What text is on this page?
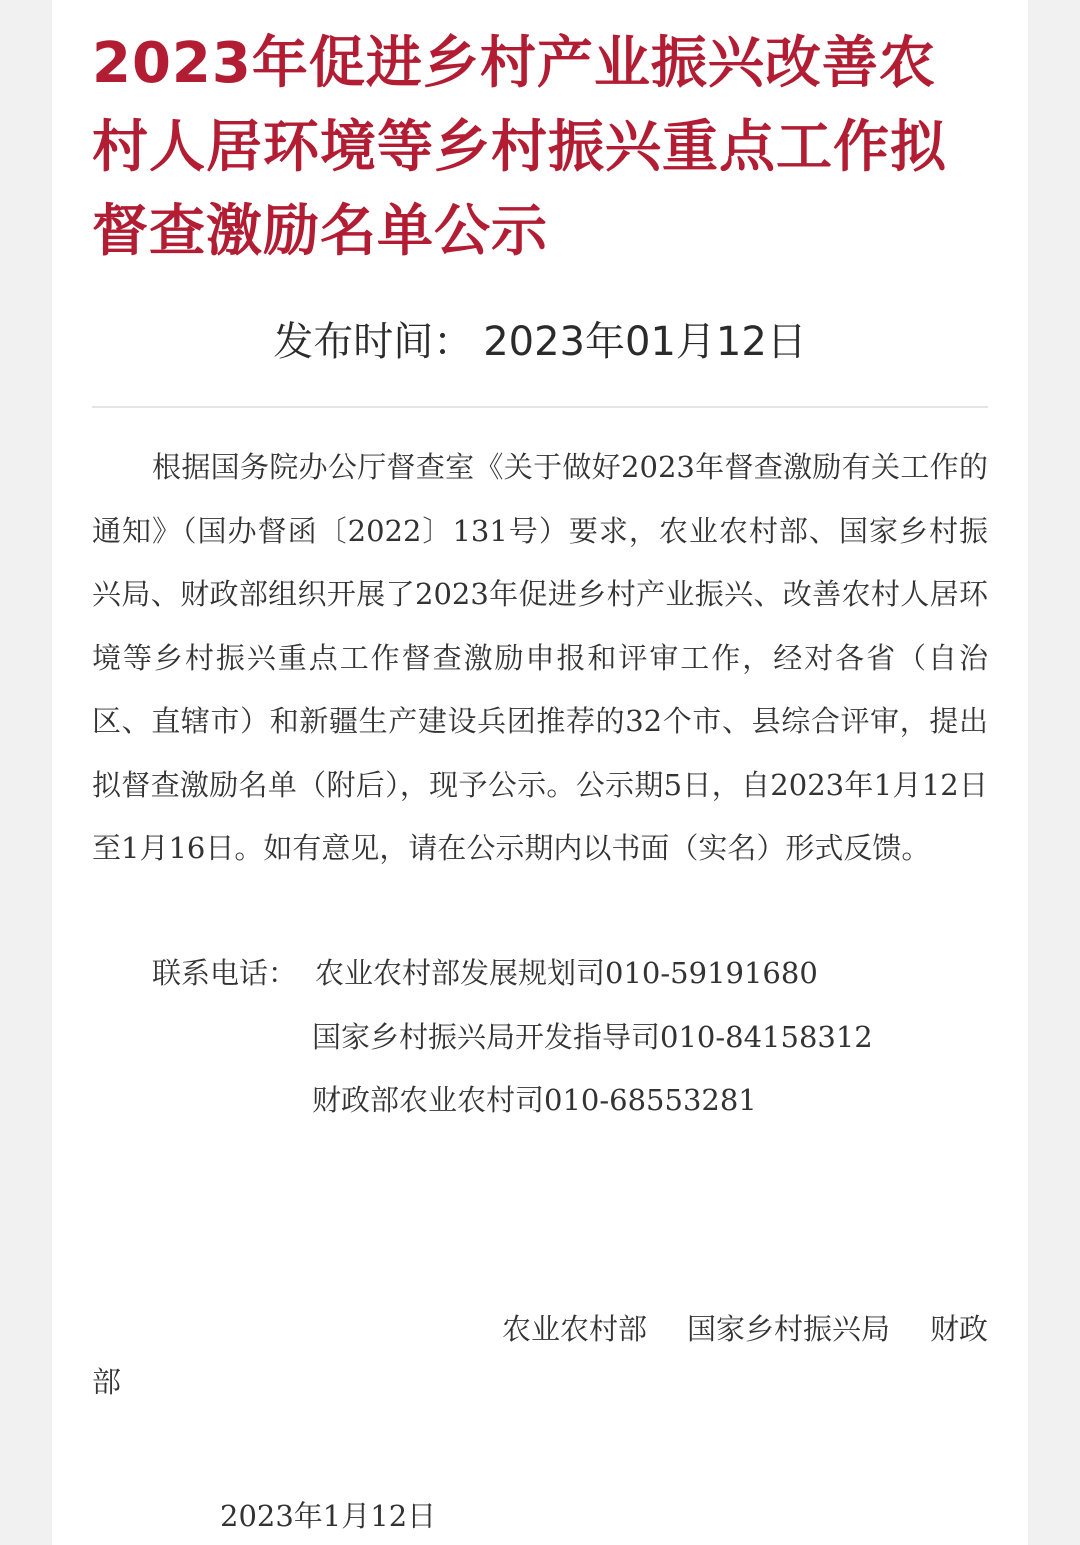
2023年促进乡村产业振兴改善农村人居环境等乡村振兴重点工作拟督查激励名单公示
发布时间： 2023年01月12日

根据国务院办公厅督查室《关于做好2023年督查激励有关工作的通知》（国办督函〔2022〕131号）要求，农业农村部、国家乡村振兴局、财政部组织开展了2023年促进乡村产业振兴、改善农村人居环境等乡村振兴重点工作督查激励申报和评审工作，经对各省（自治区、直辖市）和新疆生产建设兵团推荐的32个市、县综合评审，提出拟督查激励名单（附后），现予公示。公示期5日，自2023年1月12日至1月16日。如有意见，请在公示期内以书面（实名）形式反馈。

联系电话： 农业农村部发展规划司010-59191680
国家乡村振兴局开发指导司010-84158312
财政部农业农村司010-68553281

农业农村部 国家乡村振兴局 财政
部

2023年1月12日
